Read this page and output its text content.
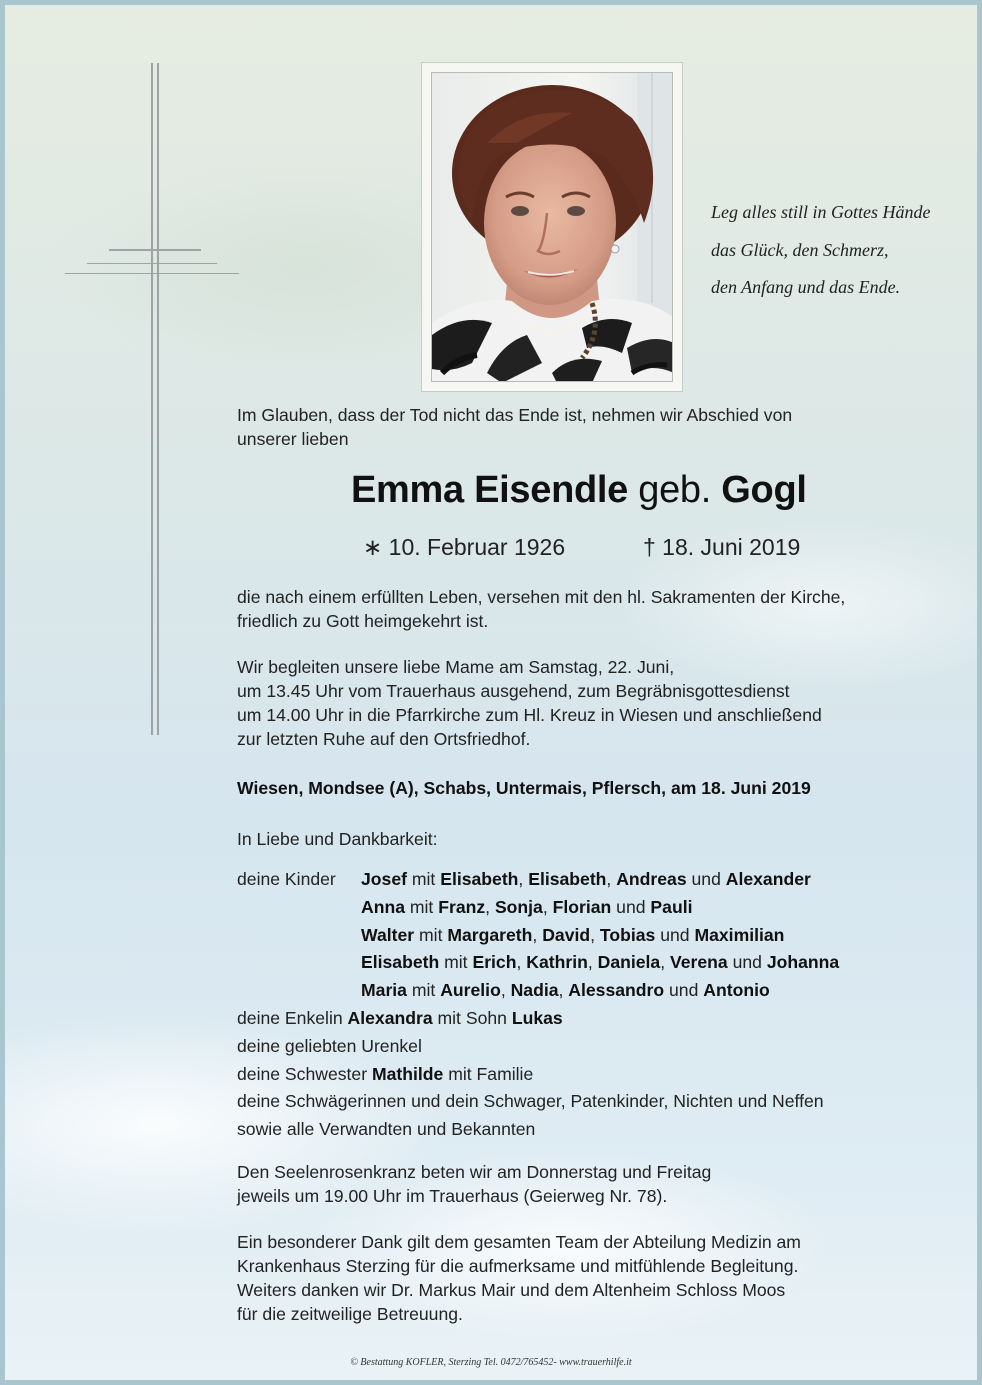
Leg alles still in Gottes Hände
das Glück, den Schmerz,
den Anfang und das Ende.
Im Glauben, dass der Tod nicht das Ende ist, nehmen wir Abschied von
unserer lieben
Emma Eisendle geb. Gogl
∗ 10. Februar 1926	† 18. Juni 2019
die nach einem erfüllten Leben, versehen mit den hl. Sakramenten der Kirche,
friedlich zu Gott heimgekehrt ist.
Wir begleiten unsere liebe Mame am Samstag, 22. Juni,
um 13.45 Uhr vom Trauerhaus ausgehend, zum Begräbnisgottesdienst
um 14.00 Uhr in die Pfarrkirche zum Hl. Kreuz in Wiesen und anschließend
zur letzten Ruhe auf den Ortsfriedhof.
Wiesen, Mondsee (A), Schabs, Untermais, Pflersch, am 18. Juni 2019
In Liebe und Dankbarkeit:
deine Kinder Josef mit Elisabeth, Elisabeth, Andreas und Alexander
Anna mit Franz, Sonja, Florian und Pauli
Walter mit Margareth, David, Tobias und Maximilian
Elisabeth mit Erich, Kathrin, Daniela, Verena und Johanna
Maria mit Aurelio, Nadia, Alessandro und Antonio
deine Enkelin Alexandra mit Sohn Lukas
deine geliebten Urenkel
deine Schwester Mathilde mit Familie
deine Schwägerinnen und dein Schwager, Patenkinder, Nichten und Neffen
sowie alle Verwandten und Bekannten
Den Seelenrosenkranz beten wir am Donnerstag und Freitag
jeweils um 19.00 Uhr im Trauerhaus (Geierweg Nr. 78).
Ein besonderer Dank gilt dem gesamten Team der Abteilung Medizin am
Krankenhaus Sterzing für die aufmerksame und mitfühlende Begleitung.
Weiters danken wir Dr. Markus Mair und dem Altenheim Schloss Moos
für die zeitweilige Betreuung.
© Bestattung KOFLER, Sterzing Tel. 0472/765452- www.trauerhilfe.it
